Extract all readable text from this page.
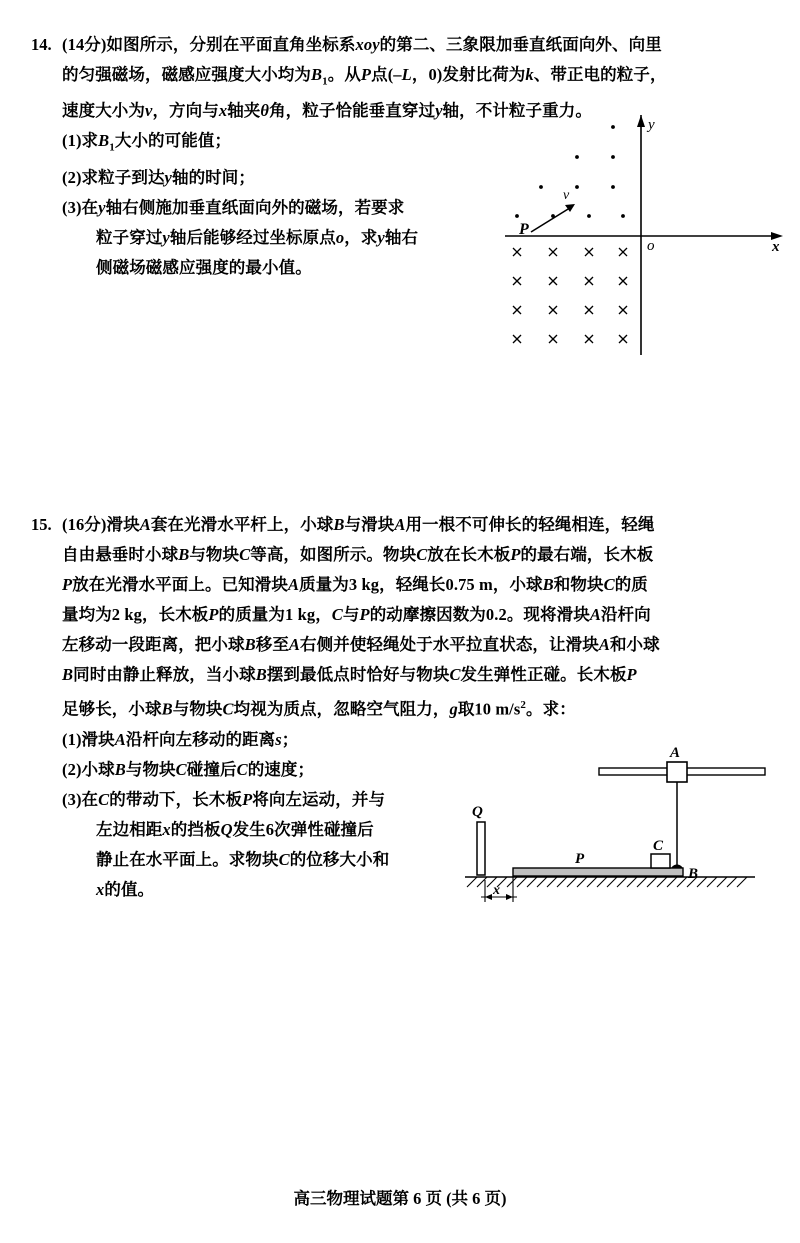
14. (14分)如图所示，分别在平面直角坐标系xoy的第二、三象限加垂直纸面向外、向里

的匀强磁场，磁感应强度大小均为$B_1$。从P点(–L，0)发射比荷为k、带正电的粒子，

速度大小为v，方向与x轴夹θ角，粒子恰能垂直穿过y轴，不计粒子重力。

(1)求$B_1$大小的可能值；

(2)求粒子到达y轴的时间；

(3)在y轴右侧施加垂直纸面向外的磁场，若要求

粒子穿过y轴后能够经过坐标原点o，求y轴右

侧磁场磁感应强度的最小值。

y
x
o
P
v
15. (16分)滑块A套在光滑水平杆上，小球B与滑块A用一根不可伸长的轻绳相连，轻绳

自由悬垂时小球B与物块C等高，如图所示。物块C放在长木板P的最右端，长木板

P放在光滑水平面上。已知滑块A质量为3 kg，轻绳长0.75 m，小球B和物块C的质

量均为2 kg，长木板P的质量为1 kg，C与P的动摩擦因数为0.2。现将滑块A沿杆向

左移动一段距离，把小球B移至A右侧并使轻绳处于水平拉直状态，让滑块A和小球

B同时由静止释放，当小球B摆到最低点时恰好与物块C发生弹性正碰。长木板P

足够长，小球B与物块C均视为质点，忽略空气阻力，g取10 $m/s^2$。求：

(1)滑块A沿杆向左移动的距离s；

(2)小球B与物块C碰撞后C的速度；

(3)在C的带动下，长木板P将向左运动，并与

左边相距x的挡板Q发生6次弹性碰撞后

静止在水平面上。求物块C的位移大小和

x的值。

A
B
Q
P
C
x
高三物理试题第 6 页 (共 6 页)
